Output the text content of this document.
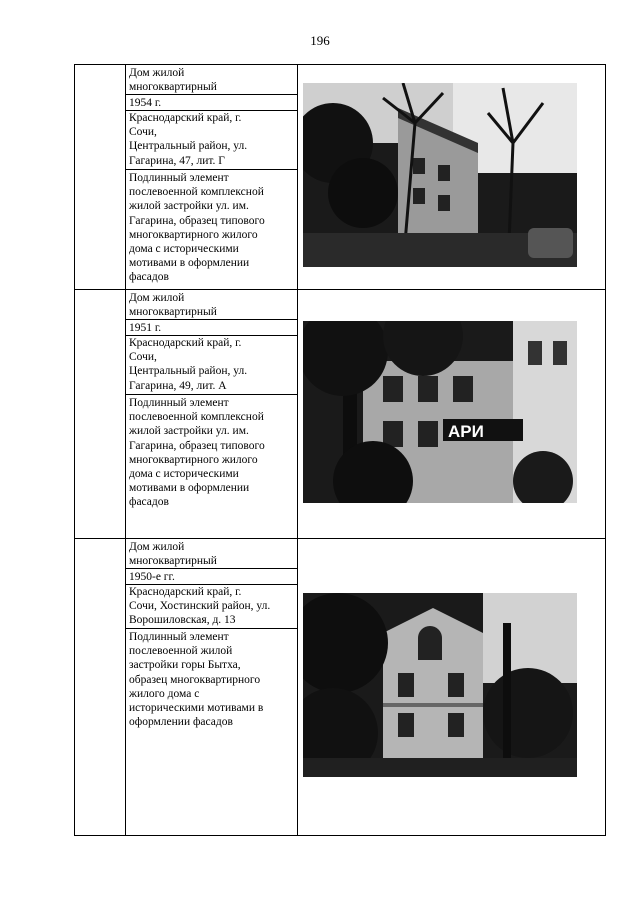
196
Дом жилой
многоквартирный
1954 г.
Краснодарский край, г.
Сочи,
Центральный район, ул.
Гагарина, 47, лит. Г
Подлинный элемент
послевоенной комплексной
жилой застройки ул. им.
Гагарина, образец типового
многоквартирного жилого
дома с историческими
мотивами в оформлении
фасадов
Дом жилой
многоквартирный
1951 г.
Краснодарский край, г.
Сочи,
Центральный район, ул.
Гагарина, 49, лит. А
Подлинный элемент
послевоенной комплексной
жилой застройки ул. им.
Гагарина, образец типового
многоквартирного жилого
дома с историческими
мотивами в оформлении
фасадов
АРИ
Дом жилой
многоквартирный
1950-е гг.
Краснодарский край, г.
Сочи, Хостинский район, ул.
Ворошиловская, д. 13
Подлинный элемент
послевоенной жилой
застройки горы Бытха,
образец многоквартирного
жилого дома с
историческими мотивами в
оформлении фасадов
